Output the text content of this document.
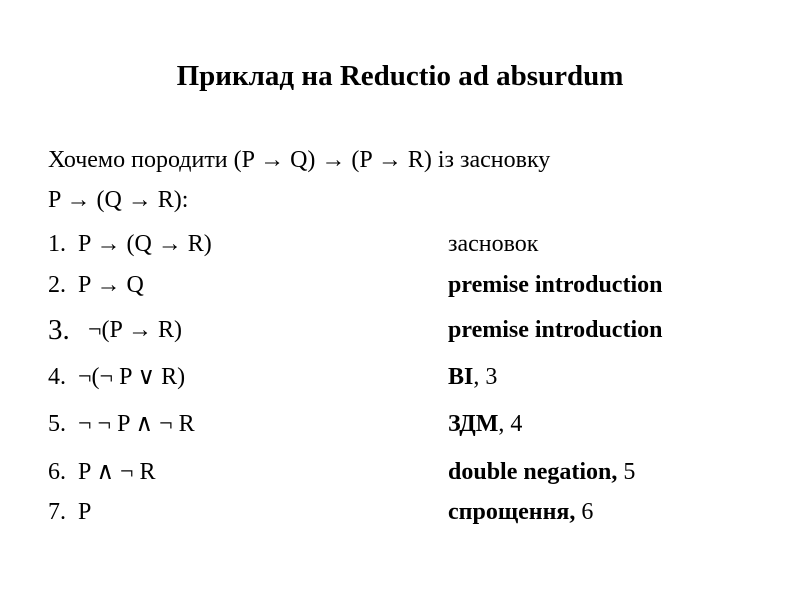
Приклад на Reductio ad absurdum
Хочемо породити (P → Q) → (P → R) із засновку
P → (Q → R):
1. P → (Q → R)	засновок
2. P → Q	premise introduction
3. ¬(P → R)	premise introduction
4. ¬(¬ P ∨ R)	BI, 3
5. ¬ ¬ P ∧ ¬ R	ЗДМ, 4
6. P ∧ ¬ R	double negation, 5
7. P	спрощення, 6
